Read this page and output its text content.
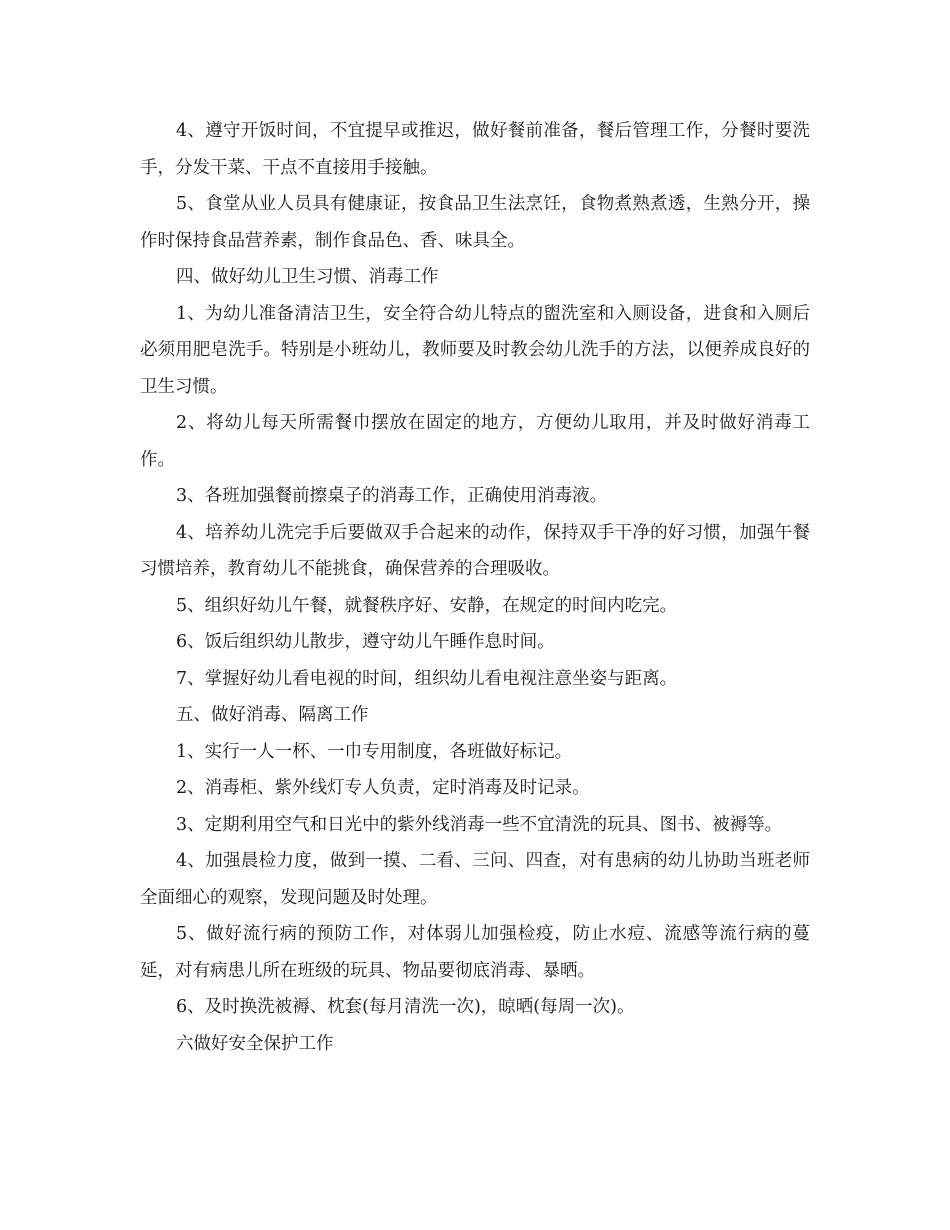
4、遵守开饭时间，不宜提早或推迟，做好餐前准备，餐后管理工作，分餐时要洗手，分发干菜、干点不直接用手接触。

5、食堂从业人员具有健康证，按食品卫生法烹饪，食物煮熟煮透，生熟分开，操作时保持食品营养素，制作食品色、香、味具全。

四、做好幼儿卫生习惯、消毒工作

1、为幼儿准备清洁卫生，安全符合幼儿特点的盥洗室和入厕设备，进食和入厕后必须用肥皂洗手。特别是小班幼儿，教师要及时教会幼儿洗手的方法，以便养成良好的卫生习惯。

2、将幼儿每天所需餐巾摆放在固定的地方，方便幼儿取用，并及时做好消毒工作。

3、各班加强餐前擦桌子的消毒工作，正确使用消毒液。

4、培养幼儿洗完手后要做双手合起来的动作，保持双手干净的好习惯，加强午餐习惯培养，教育幼儿不能挑食，确保营养的合理吸收。

5、组织好幼儿午餐，就餐秩序好、安静，在规定的时间内吃完。

6、饭后组织幼儿散步，遵守幼儿午睡作息时间。

7、掌握好幼儿看电视的时间，组织幼儿看电视注意坐姿与距离。

五、做好消毒、隔离工作

1、实行一人一杯、一巾专用制度，各班做好标记。

2、消毒柜、紫外线灯专人负责，定时消毒及时记录。

3、定期利用空气和日光中的紫外线消毒一些不宜清洗的玩具、图书、被褥等。

4、加强晨检力度，做到一摸、二看、三问、四查，对有患病的幼儿协助当班老师全面细心的观察，发现问题及时处理。

5、做好流行病的预防工作，对体弱儿加强检疫，防止水痘、流感等流行病的蔓延，对有病患儿所在班级的玩具、物品要彻底消毒、暴晒。

6、及时换洗被褥、枕套(每月清洗一次)，晾晒(每周一次)。

六做好安全保护工作
